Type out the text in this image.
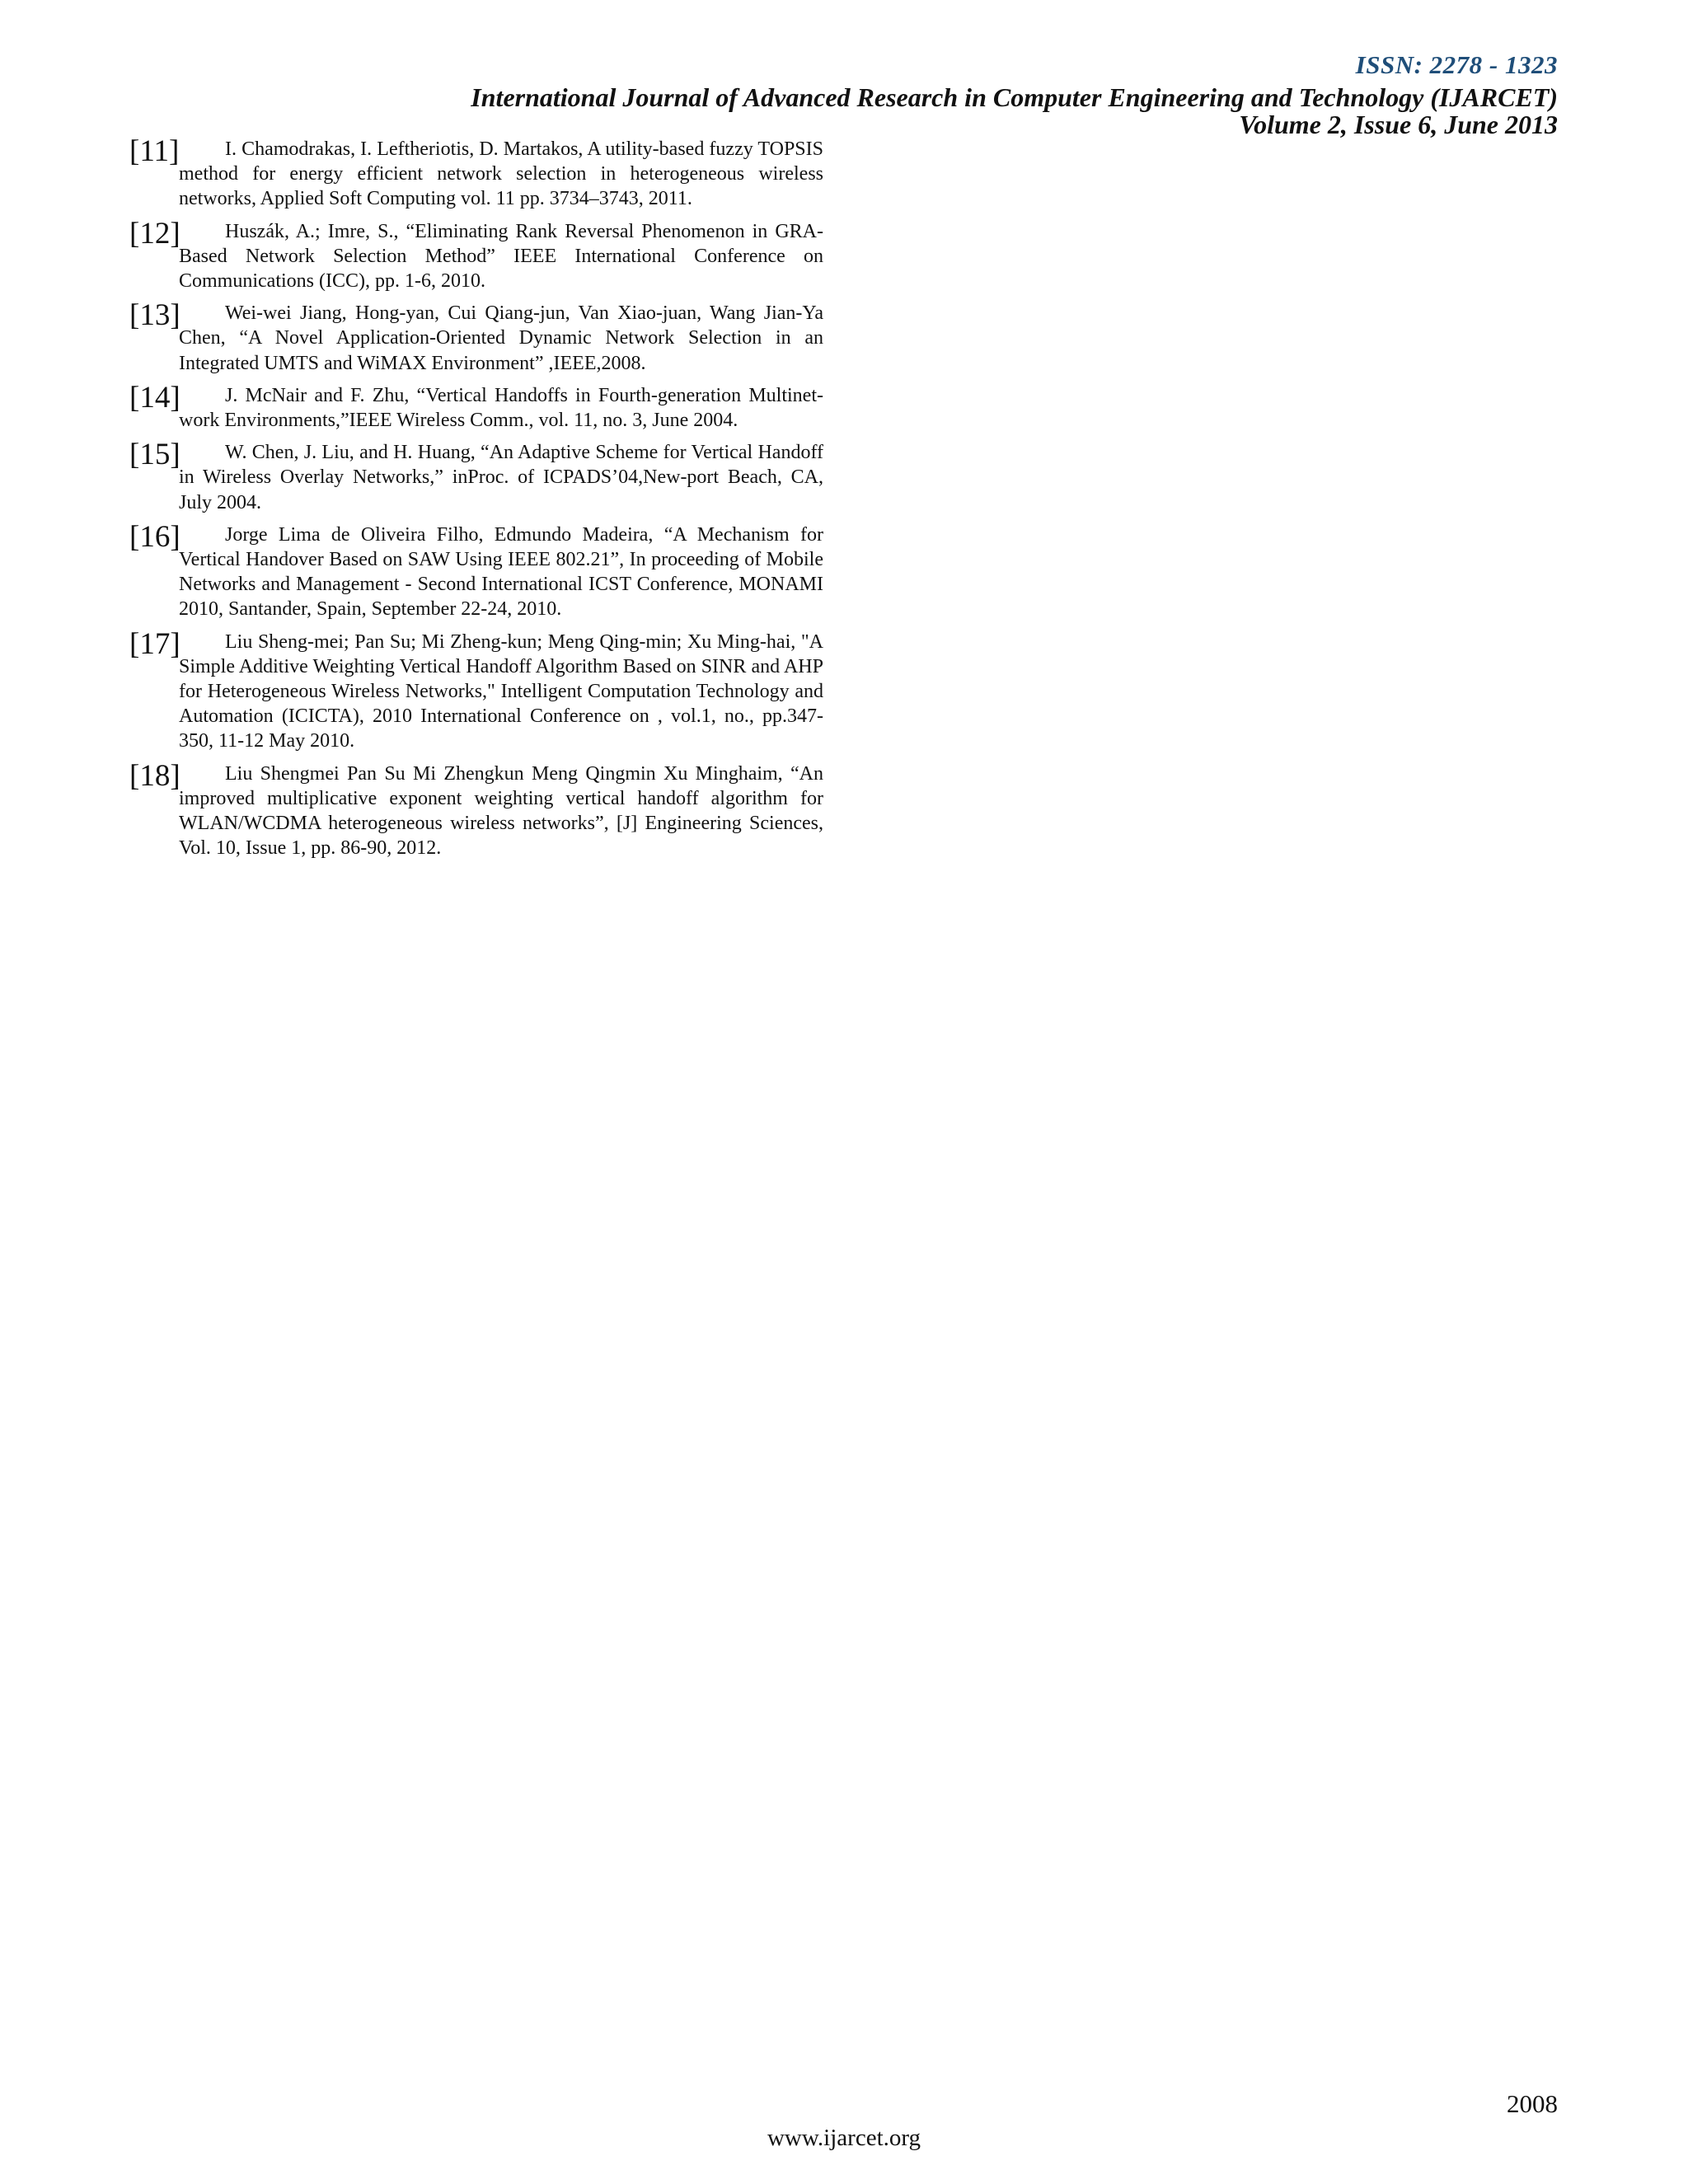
ISSN: 2278 - 1323
International Journal of Advanced Research in Computer Engineering and Technology (IJARCET)
Volume 2, Issue 6, June 2013
[11] I. Chamodrakas, I. Leftheriotis, D. Martakos, A utility-based fuzzy TOPSIS method for energy efficient network selection in heterogeneous wireless networks, Applied Soft Computing vol. 11 pp. 3734–3743, 2011.
[12] Huszák, A.; Imre, S., “Eliminating Rank Reversal Phenomenon in GRA-Based Network Selection Method” IEEE International Conference on Communications (ICC), pp. 1-6, 2010.
[13] Wei-wei Jiang, Hong-yan, Cui Qiang-jun, Van Xiao-juan, Wang Jian-Ya Chen, “A Novel Application-Oriented Dynamic Network Selection in an Integrated UMTS and WiMAX Environment” ,IEEE,2008.
[14] J. McNair and F. Zhu, “Vertical Handoffs in Fourth-generation Multinet-work Environments,”IEEE Wireless Comm., vol. 11, no. 3, June 2004.
[15] W. Chen, J. Liu, and H. Huang, “An Adaptive Scheme for Vertical Handoff in Wireless Overlay Networks,” inProc. of ICPADS’04,New-port Beach, CA, July 2004.
[16] Jorge Lima de Oliveira Filho, Edmundo Madeira, “A Mechanism for Vertical Handover Based on SAW Using IEEE 802.21”, In proceeding of Mobile Networks and Management - Second International ICST Conference, MONAMI 2010, Santander, Spain, September 22-24, 2010.
[17] Liu Sheng-mei; Pan Su; Mi Zheng-kun; Meng Qing-min; Xu Ming-hai, "A Simple Additive Weighting Vertical Handoff Algorithm Based on SINR and AHP for Heterogeneous Wireless Networks," Intelligent Computation Technology and Automation (ICICTA), 2010 International Conference on , vol.1, no., pp.347-350, 11-12 May 2010.
[18] Liu Shengmei Pan Su Mi Zhengkun Meng Qingmin Xu Minghaim, “An improved multiplicative exponent weighting vertical handoff algorithm for WLAN/WCDMA heterogeneous wireless networks”, [J] Engineering Sciences, Vol. 10, Issue 1, pp. 86-90, 2012.
2008
www.ijarcet.org
